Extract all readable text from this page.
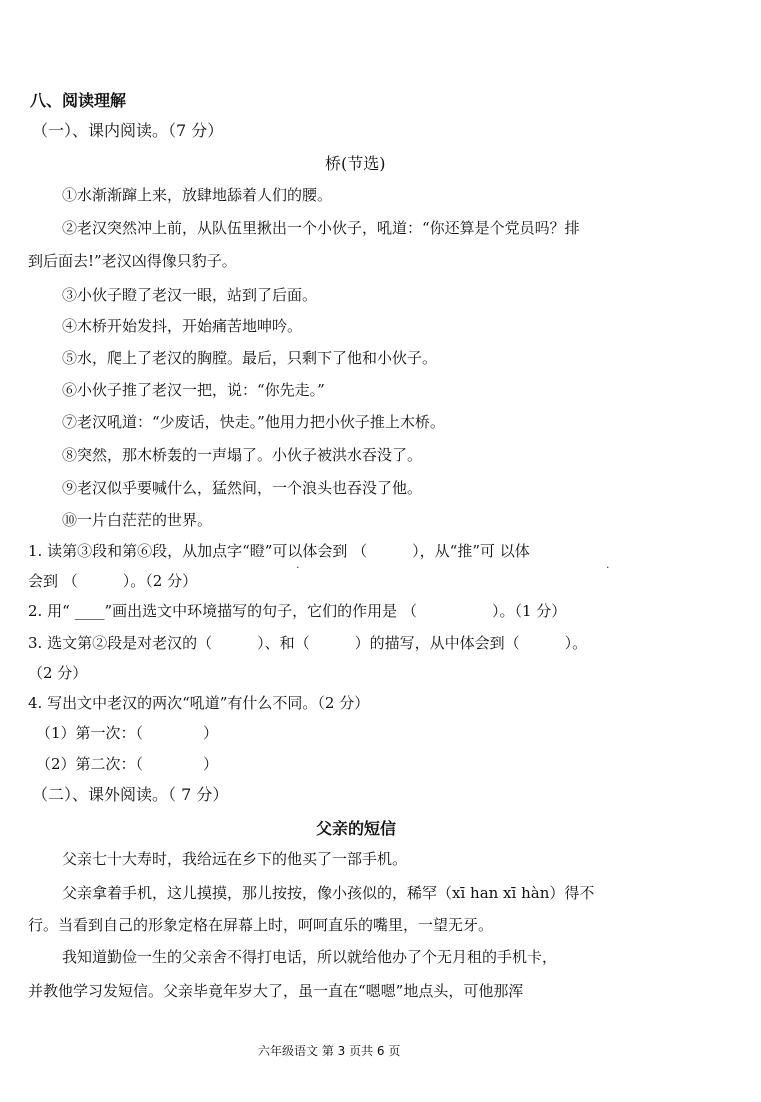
八、阅读理解
（一）、课内阅读。（7 分）
桥(节选)
①水渐渐蹿上来，放肆地舔着人们的腰。
②老汉突然冲上前，从队伍里揪出一个小伙子，吼道：“你还算是个党员吗？排
到后面去!”老汉凶得像只豹子。
③小伙子瞪了老汉一眼，站到了后面。
④木桥开始发抖，开始痛苦地呻吟。
⑤水，爬上了老汉的胸膛。最后，只剩下了他和小伙子。
⑥小伙子推了老汉一把，说：“你先走。”
⑦老汉吼道：“少废话，快走。”他用力把小伙子推上木桥。
⑧突然，那木桥轰的一声塌了。小伙子被洪水吞没了。
⑨老汉似乎要喊什么，猛然间，一个浪头也吞没了他。
⑩一片白茫茫的世界。
1. 读第③段和第⑥段，从加点字“瞪”可以体会到 （　　　），从“推”可 以体
会到 （　　　）。（2 分）
2. 用“ ____”画出选文中环境描写的句子，它们的作用是 （　　　　　）。（1 分）
3. 选文第②段是对老汉的（　　　）、和（　　　）的描写，从中体会到（　　　）。
（2 分）
4. 写出文中老汉的两次“吼道”有什么不同。（2 分）
（1）第一次：（　　　　）
（2）第二次：（　　　　）
（二）、课外阅读。（ 7 分）
父亲的短信
父亲七十大寿时，我给远在乡下的他买了一部手机。
父亲拿着手机，这儿摸摸，那儿按按，像小孩似的，稀罕（xī han xī hàn）得不
行。当看到自己的形象定格在屏幕上时，呵呵直乐的嘴里，一望无牙。
我知道勤俭一生的父亲舍不得打电话，所以就给他办了个无月租的手机卡，
并教他学习发短信。父亲毕竟年岁大了，虽一直在“嗯嗯”地点头，可他那浑
六年级语文 第 3 页共 6 页
·	·
